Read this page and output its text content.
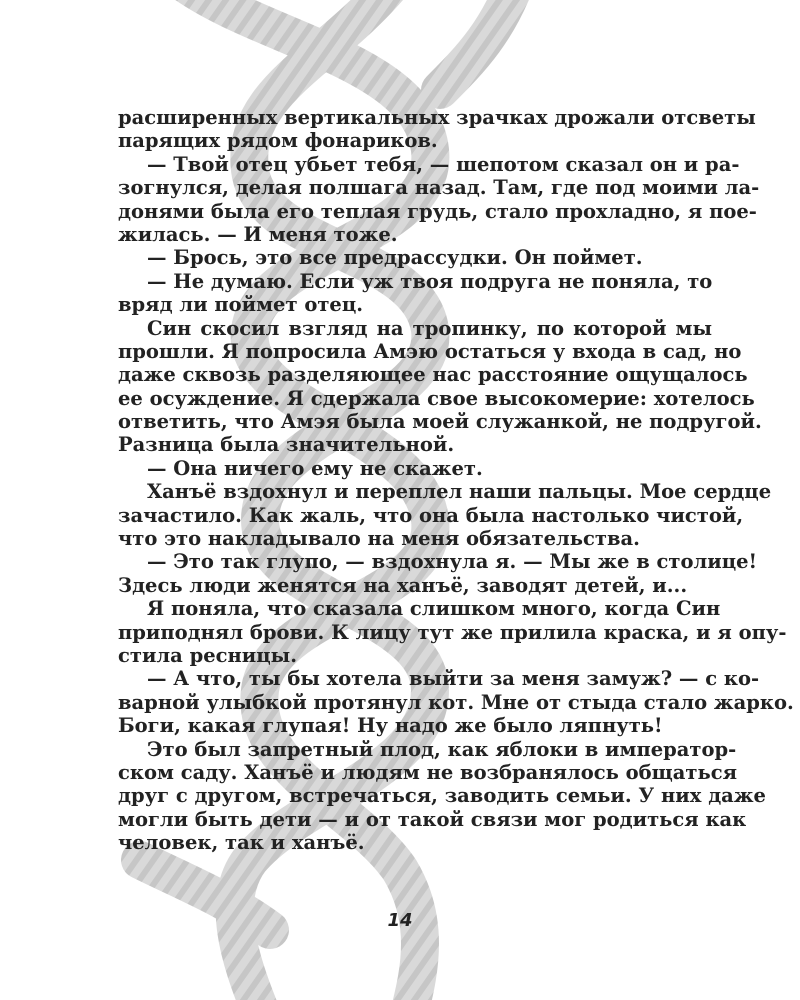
расширенных вертикальных зрачках дрожали отсветы
парящих рядом фонариков.
— Твой отец убьет тебя, — шепотом сказал он и ра-
зогнулся, делая полшага назад. Там, где под моими ла-
донями была его теплая грудь, стало прохладно, я пое-
жилась. — И меня тоже.
— Брось, это все предрассудки. Он поймет.
— Не думаю. Если уж твоя подруга не поняла, то
вряд ли поймет отец.
Син скосил взгляд на тропинку, по которой мы
прошли. Я попросила Амэю остаться у входа в сад, но
даже сквозь разделяющее нас расстояние ощущалось
ее осуждение. Я сдержала свое высокомерие: хотелось
ответить, что Амэя была моей служанкой, не подругой.
Разница была значительной.
— Она ничего ему не скажет.
Ханъё вздохнул и переплел наши пальцы. Мое сердце
зачастило. Как жаль, что она была настолько чистой,
что это накладывало на меня обязательства.
— Это так глупо, — вздохнула я. — Мы же в столице!
Здесь люди женятся на ханъё, заводят детей, и...
Я поняла, что сказала слишком много, когда Син
приподнял брови. К лицу тут же прилила краска, и я опу-
стила ресницы.
— А что, ты бы хотела выйти за меня замуж? — с ко-
варной улыбкой протянул кот. Мне от стыда стало жарко.
Боги, какая глупая! Ну надо же было ляпнуть!
Это был запретный плод, как яблоки в император-
ском саду. Ханъё и людям не возбранялось общаться
друг с другом, встречаться, заводить семьи. У них даже
могли быть дети — и от такой связи мог родиться как
человек, так и ханъё.
14
